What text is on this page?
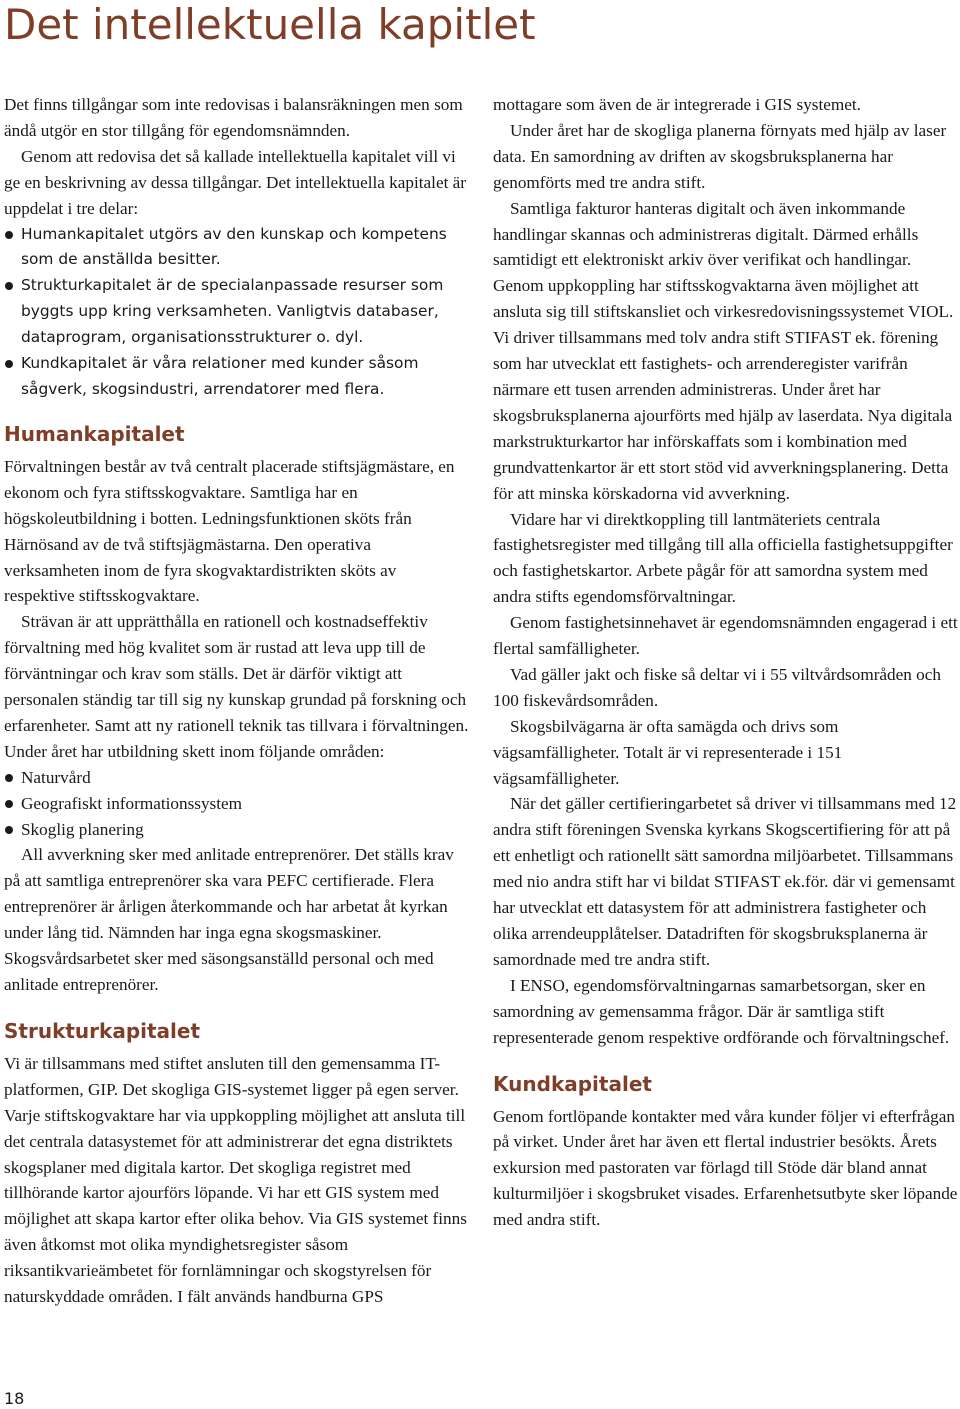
Det intellektuella kapitlet

Det finns tillgångar som inte redovisas i balansräkningen men som ändå utgör en stor tillgång för egendomsnämnden.

Genom att redovisa det så kallade intellektuella kapitalet vill vi ge en beskrivning av dessa tillgångar. Det intellektuella kapitalet är uppdelat i tre delar:

Humankapitalet utgörs av den kunskap och kompetens som de anställda besitter.
Strukturkapitalet är de specialanpassade resurser som byggts upp kring verksamheten. Vanligtvis databaser, dataprogram, organisationsstrukturer o. dyl.
Kundkapitalet är våra relationer med kunder såsom sågverk, skogsindustri, arrendatorer med flera.
Humankapitalet

Förvaltningen består av två centralt placerade stiftsjägmästare, en ekonom och fyra stiftsskogvaktare. Samtliga har en högskoleutbildning i botten. Ledningsfunktionen sköts från Härnösand av de två stiftsjägmästarna. Den operativa verksamheten inom de fyra skogvaktardistrikten sköts av respektive stiftsskogvaktare.

Strävan är att upprätthålla en rationell och kostnadseffektiv förvaltning med hög kvalitet som är rustad att leva upp till de förväntningar och krav som ställs. Det är därför viktigt att personalen ständig tar till sig ny kunskap grundad på forskning och erfarenheter. Samt att ny rationell teknik tas tillvara i förvaltningen. Under året har utbildning skett inom följande områden:

Naturvård
Geografiskt informationssystem
Skoglig planering

All avverkning sker med anlitade entreprenörer. Det ställs krav på att samtliga entreprenörer ska vara PEFC certifierade. Flera entreprenörer är årligen återkommande och har arbetat åt kyrkan under lång tid. Nämnden har inga egna skogsmaskiner. Skogsvårdsarbetet sker med säsongsanställd personal och med anlitade entreprenörer.

Strukturkapitalet

Vi är tillsammans med stiftet ansluten till den gemensamma IT-platformen, GIP. Det skogliga GIS-systemet ligger på egen server. Varje stiftskogvaktare har via uppkoppling möjlighet att ansluta till det centrala datasystemet för att administrerar det egna distriktets skogsplaner med digitala kartor. Det skogliga registret med tillhörande kartor ajourförs löpande. Vi har ett GIS system med möjlighet att skapa kartor efter olika behov. Via GIS systemet finns även åtkomst mot olika myndighetsregister såsom riksantikvarieämbetet för fornlämningar och skogstyrelsen för naturskyddade områden. I fält används handburna GPS

mottagare som även de är integrerade i GIS systemet.

Under året har de skogliga planerna förnyats med hjälp av laser data. En samordning av driften av skogsbruksplanerna har genomförts med tre andra stift.

Samtliga fakturor hanteras digitalt och även inkommande handlingar skannas och administreras digitalt. Därmed erhålls samtidigt ett elektroniskt arkiv över verifikat och handlingar. Genom uppkoppling har stiftsskogvaktarna även möjlighet att ansluta sig till stiftskansliet och virkesredovisningssystemet VIOL. Vi driver tillsammans med tolv andra stift STIFAST ek. förening som har utvecklat ett fastighets- och arrenderegister varifrån närmare ett tusen arrenden administreras. Under året har skogsbruksplanerna ajourförts med hjälp av laserdata. Nya digitala markstrukturkartor har införskaffats som i kombination med grundvattenkartor är ett stort stöd vid avverkningsplanering. Detta för att minska körskadorna vid avverkning.

Vidare har vi direktkoppling till lantmäteriets centrala fastighetsregister med tillgång till alla officiella fastighetsuppgifter och fastighetskartor. Arbete pågår för att samordna system med andra stifts egendomsförvaltningar.

Genom fastighetsinnehavet är egendomsnämnden engagerad i ett flertal samfälligheter.

Vad gäller jakt och fiske så deltar vi i 55 viltvårdsområden och 100 fiskevårdsområden.

Skogsbilvägarna är ofta samägda och drivs som vägsamfälligheter. Totalt är vi representerade i 151 vägsamfälligheter.

När det gäller certifieringarbetet så driver vi tillsammans med 12 andra stift föreningen Svenska kyrkans Skogscertifiering för att på ett enhetligt och rationellt sätt samordna miljöarbetet. Tillsammans med nio andra stift har vi bildat STIFAST ek.för. där vi gemensamt har utvecklat ett datasystem för att administrera fastigheter och olika arrendeupplåtelser. Datadriften för skogsbruksplanerna är samordnade med tre andra stift.

I ENSO, egendomsförvaltningarnas samarbetsorgan, sker en samordning av gemensamma frågor. Där är samtliga stift representerade genom respektive ordförande och förvaltningschef.

Kundkapitalet

Genom fortlöpande kontakter med våra kunder följer vi efterfrågan på virket. Under året har även ett flertal industrier besökts. Årets exkursion med pastoraten var förlagd till Stöde där bland annat kulturmiljöer i skogsbruket visades. Erfarenhetsutbyte sker löpande med andra stift.

18
